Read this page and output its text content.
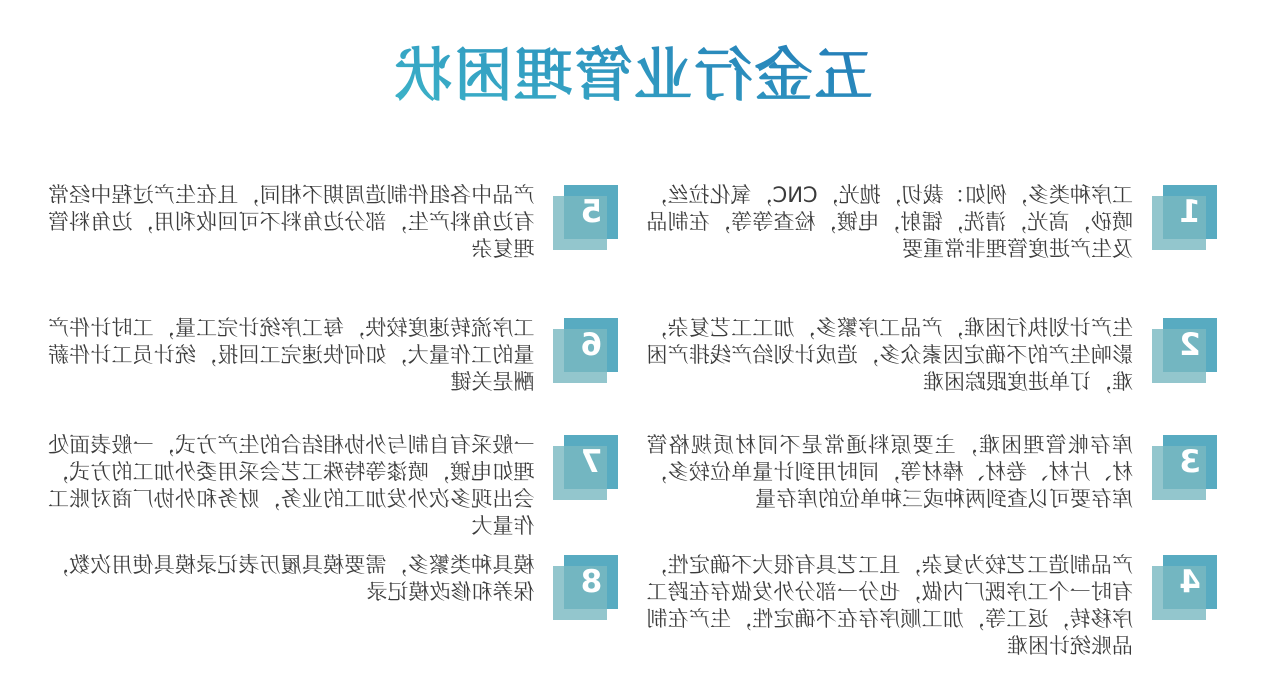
五金行业管理困状
1

工序种类多，例如：裁切，抛光，CNC，氧化拉丝，喷砂，高光，清洗，镭射，电镀，检查等等，在制品及生产进度管理非常重要

2

生产计划执行困难，产品工序繁多，加工工艺复杂，影响生产的不确定因素众多，造成计划给产线排产困难，订单进度跟踪困难

3

库存帐管理困难，主要原料通常是不同材质规格管材、片材、卷材、棒材等，同时用到计量单位较多，库存要可以查到两种或三种单位的库存量

4

产品制造工艺较为复杂，且工艺具有很大不确定性，有时一个工序既厂内做，也分一部分外发做存在跨工序移转，返工等，加工顺序存在不确定性，生产在制品账统计困难

5

产品中各组件制造周期不相同，且在生产过程中经常有边角料产生，部分边角料不可回收利用，边角料管理复杂

6

工序流转速度较快，每工序统计完工量，工时计件产量的工作量大，如何快速完工回报，统计员工计件薪酬是关键

7

一般采有自制与外协相结合的生产方式，一般表面处理如电镀，喷漆等特殊工艺会采用委外加工的方式，会出现多次外发加工的业务，财务和外协厂商对账工作量大

8

模具种类繁多，需要模具履历表记录模具使用次数，保养和修改模记录
